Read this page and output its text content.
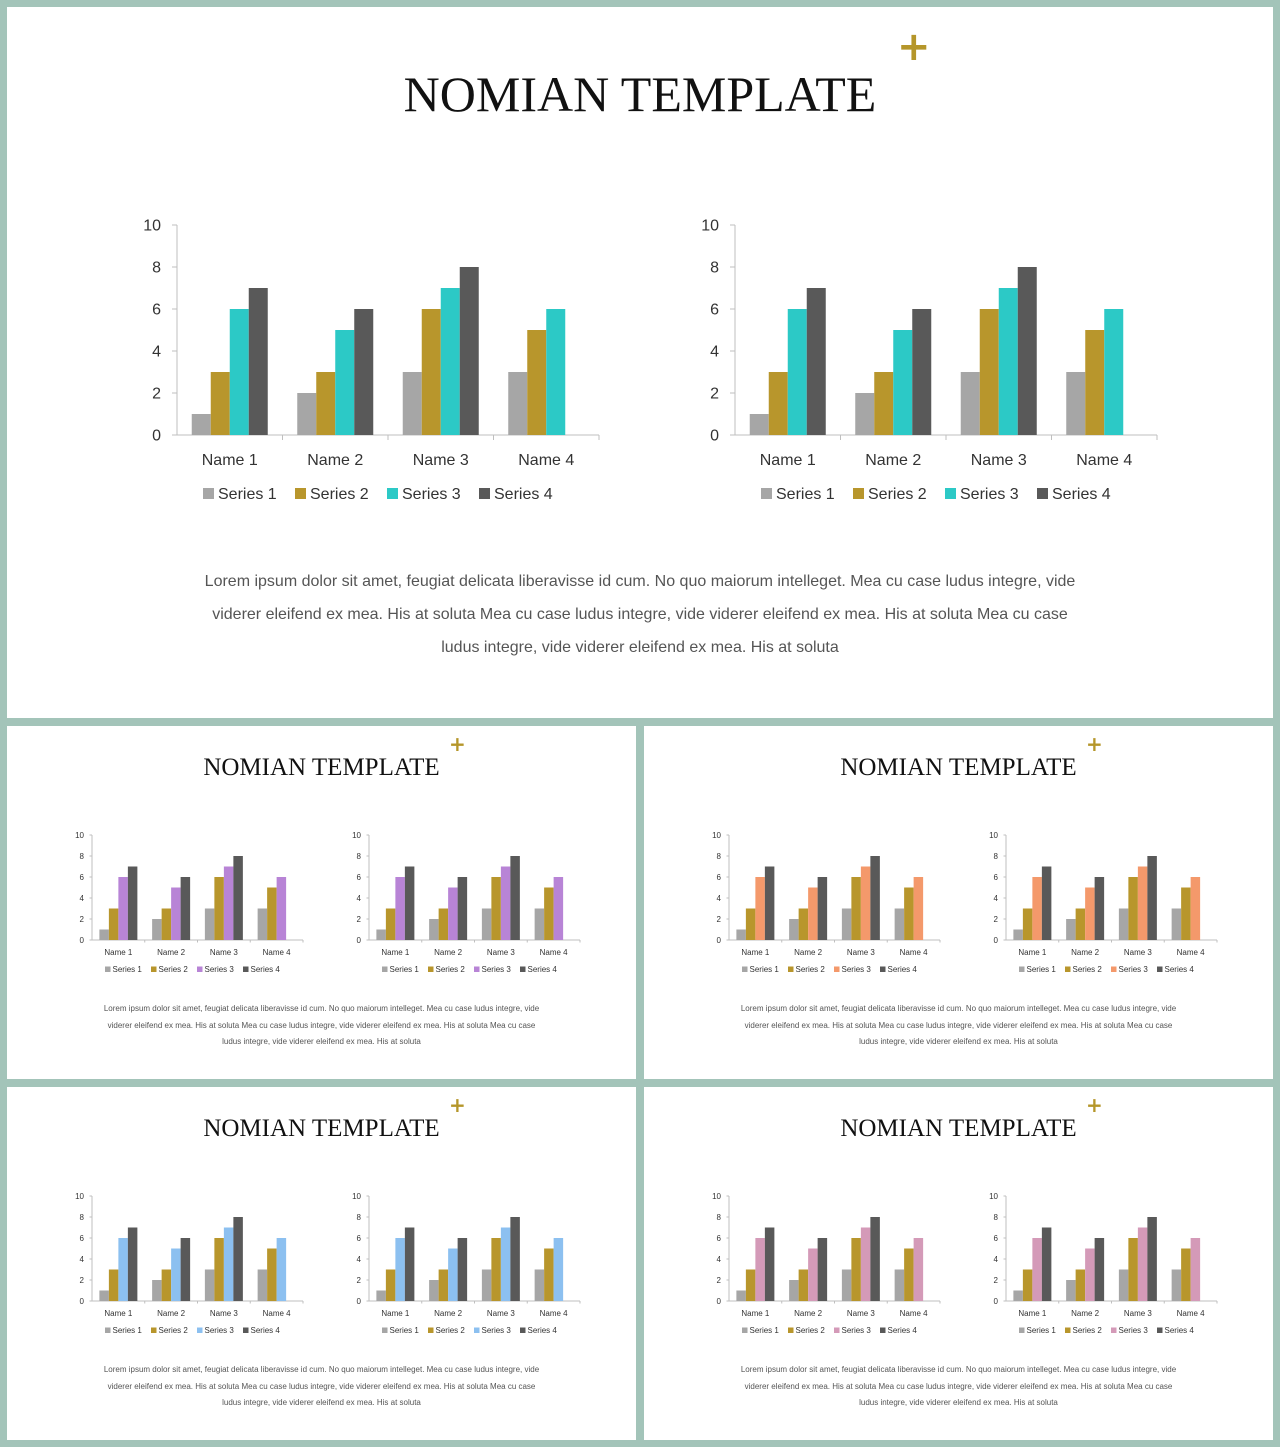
NOMIAN TEMPLATE
+
0
2
4
6
8
10
Name 1	Name 2	Name 3	Name 4
Series 1 Series 2 Series 3 Series 4
0
2
4
6
8
10
Name 1	Name 2	Name 3	Name 4
Series 1 Series 2 Series 3 Series 4
Lorem ipsum dolor sit amet, feugiat delicata liberavisse id cum. No quo maiorum intelleget. Mea cu case ludus integre, vide
viderer eleifend ex mea. His at soluta Mea cu case ludus integre, vide viderer eleifend ex mea. His at soluta Mea cu case
ludus integre, vide viderer eleifend ex mea. His at soluta
NOMIAN TEMPLATE
+
0
2
4
6
8
10
Name 1	Name 2	Name 3	Name 4
Series 1 Series 2 Series 3 Series 4
0
2
4
6
8
10
Name 1	Name 2	Name 3	Name 4
Series 1 Series 2 Series 3 Series 4
Lorem ipsum dolor sit amet, feugiat delicata liberavisse id cum. No quo maiorum intelleget. Mea cu case ludus integre, vide
viderer eleifend ex mea. His at soluta Mea cu case ludus integre, vide viderer eleifend ex mea. His at soluta Mea cu case
ludus integre, vide viderer eleifend ex mea. His at soluta
NOMIAN TEMPLATE
+
0
2
4
6
8
10
Name 1	Name 2	Name 3	Name 4
Series 1 Series 2 Series 3 Series 4
0
2
4
6
8
10
Name 1	Name 2	Name 3	Name 4
Series 1 Series 2 Series 3 Series 4
Lorem ipsum dolor sit amet, feugiat delicata liberavisse id cum. No quo maiorum intelleget. Mea cu case ludus integre, vide
viderer eleifend ex mea. His at soluta Mea cu case ludus integre, vide viderer eleifend ex mea. His at soluta Mea cu case
ludus integre, vide viderer eleifend ex mea. His at soluta
NOMIAN TEMPLATE
+
0
2
4
6
8
10
Name 1	Name 2	Name 3	Name 4
Series 1 Series 2 Series 3 Series 4
0
2
4
6
8
10
Name 1	Name 2	Name 3	Name 4
Series 1 Series 2 Series 3 Series 4
Lorem ipsum dolor sit amet, feugiat delicata liberavisse id cum. No quo maiorum intelleget. Mea cu case ludus integre, vide
viderer eleifend ex mea. His at soluta Mea cu case ludus integre, vide viderer eleifend ex mea. His at soluta Mea cu case
ludus integre, vide viderer eleifend ex mea. His at soluta
NOMIAN TEMPLATE
+
0
2
4
6
8
10
Name 1	Name 2	Name 3	Name 4
Series 1 Series 2 Series 3 Series 4
0
2
4
6
8
10
Name 1	Name 2	Name 3	Name 4
Series 1 Series 2 Series 3 Series 4
Lorem ipsum dolor sit amet, feugiat delicata liberavisse id cum. No quo maiorum intelleget. Mea cu case ludus integre, vide
viderer eleifend ex mea. His at soluta Mea cu case ludus integre, vide viderer eleifend ex mea. His at soluta Mea cu case
ludus integre, vide viderer eleifend ex mea. His at soluta
